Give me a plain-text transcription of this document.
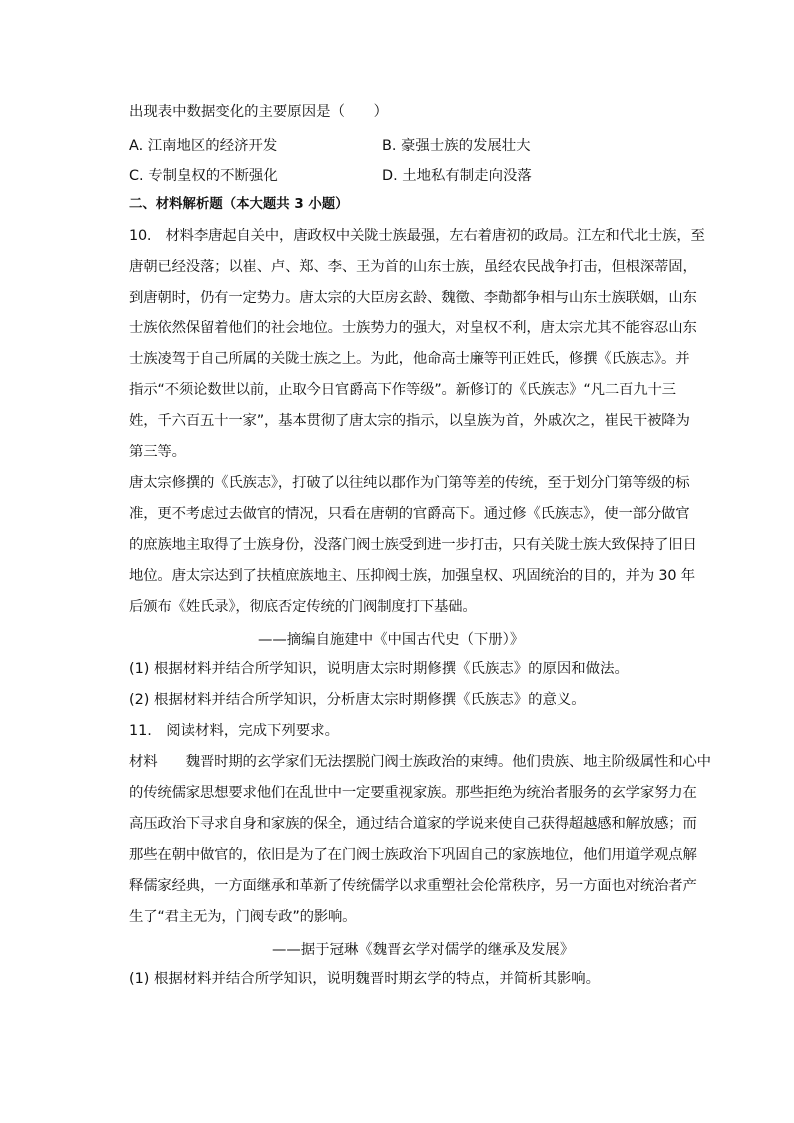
出现表中数据变化的主要原因是（　　）
A. 江南地区的经济开发	B. 豪强士族的发展壮大
C. 专制皇权的不断强化	D. 土地私有制走向没落
二、材料解析题（本大题共 3 小题）
10.　材料李唐起自关中，唐政权中关陇士族最强，左右着唐初的政局。江左和代北士族，至
唐朝已经没落；以崔、卢、郑、李、王为首的山东士族，虽经农民战争打击，但根深蒂固，
到唐朝时，仍有一定势力。唐太宗的大臣房玄龄、魏徵、李勣都争相与山东士族联姻，山东
士族依然保留着他们的社会地位。士族势力的强大，对皇权不利，唐太宗尤其不能容忍山东
士族凌驾于自己所属的关陇士族之上。为此，他命高士廉等刊正姓氏，修撰《氏族志》。并
指示“不须论数世以前，止取今日官爵高下作等级”。新修订的《氏族志》“凡二百九十三
姓，千六百五十一家”，基本贯彻了唐太宗的指示，以皇族为首，外戚次之，崔民干被降为
第三等。
唐太宗修撰的《氏族志》，打破了以往纯以郡作为门第等差的传统，至于划分门第等级的标
准，更不考虑过去做官的情况，只看在唐朝的官爵高下。通过修《氏族志》，使一部分做官
的庶族地主取得了士族身份，没落门阀士族受到进一步打击，只有关陇士族大致保持了旧日
地位。唐太宗达到了扶植庶族地主、压抑阀士族，加强皇权、巩固统治的目的，并为 30 年
后颁布《姓氏录》，彻底否定传统的门阀制度打下基础。
——摘编自施建中《中国古代史（下册）》
(1) 根据材料并结合所学知识，说明唐太宗时期修撰《氏族志》的原因和做法。
(2) 根据材料并结合所学知识，分析唐太宗时期修撰《氏族志》的意义。
11.　阅读材料，完成下列要求。
材料　　魏晋时期的玄学家们无法摆脱门阀士族政治的束缚。他们贵族、地主阶级属性和心中
的传统儒家思想要求他们在乱世中一定要重视家族。那些拒绝为统治者服务的玄学家努力在
高压政治下寻求自身和家族的保全，通过结合道家的学说来使自己获得超越感和解放感；而
那些在朝中做官的，依旧是为了在门阀士族政治下巩固自己的家族地位，他们用道学观点解
释儒家经典，一方面继承和革新了传统儒学以求重塑社会伦常秩序，另一方面也对统治者产
生了“君主无为，门阀专政”的影响。
——据于冠琳《魏晋玄学对儒学的继承及发展》
(1) 根据材料并结合所学知识，说明魏晋时期玄学的特点，并简析其影响。
